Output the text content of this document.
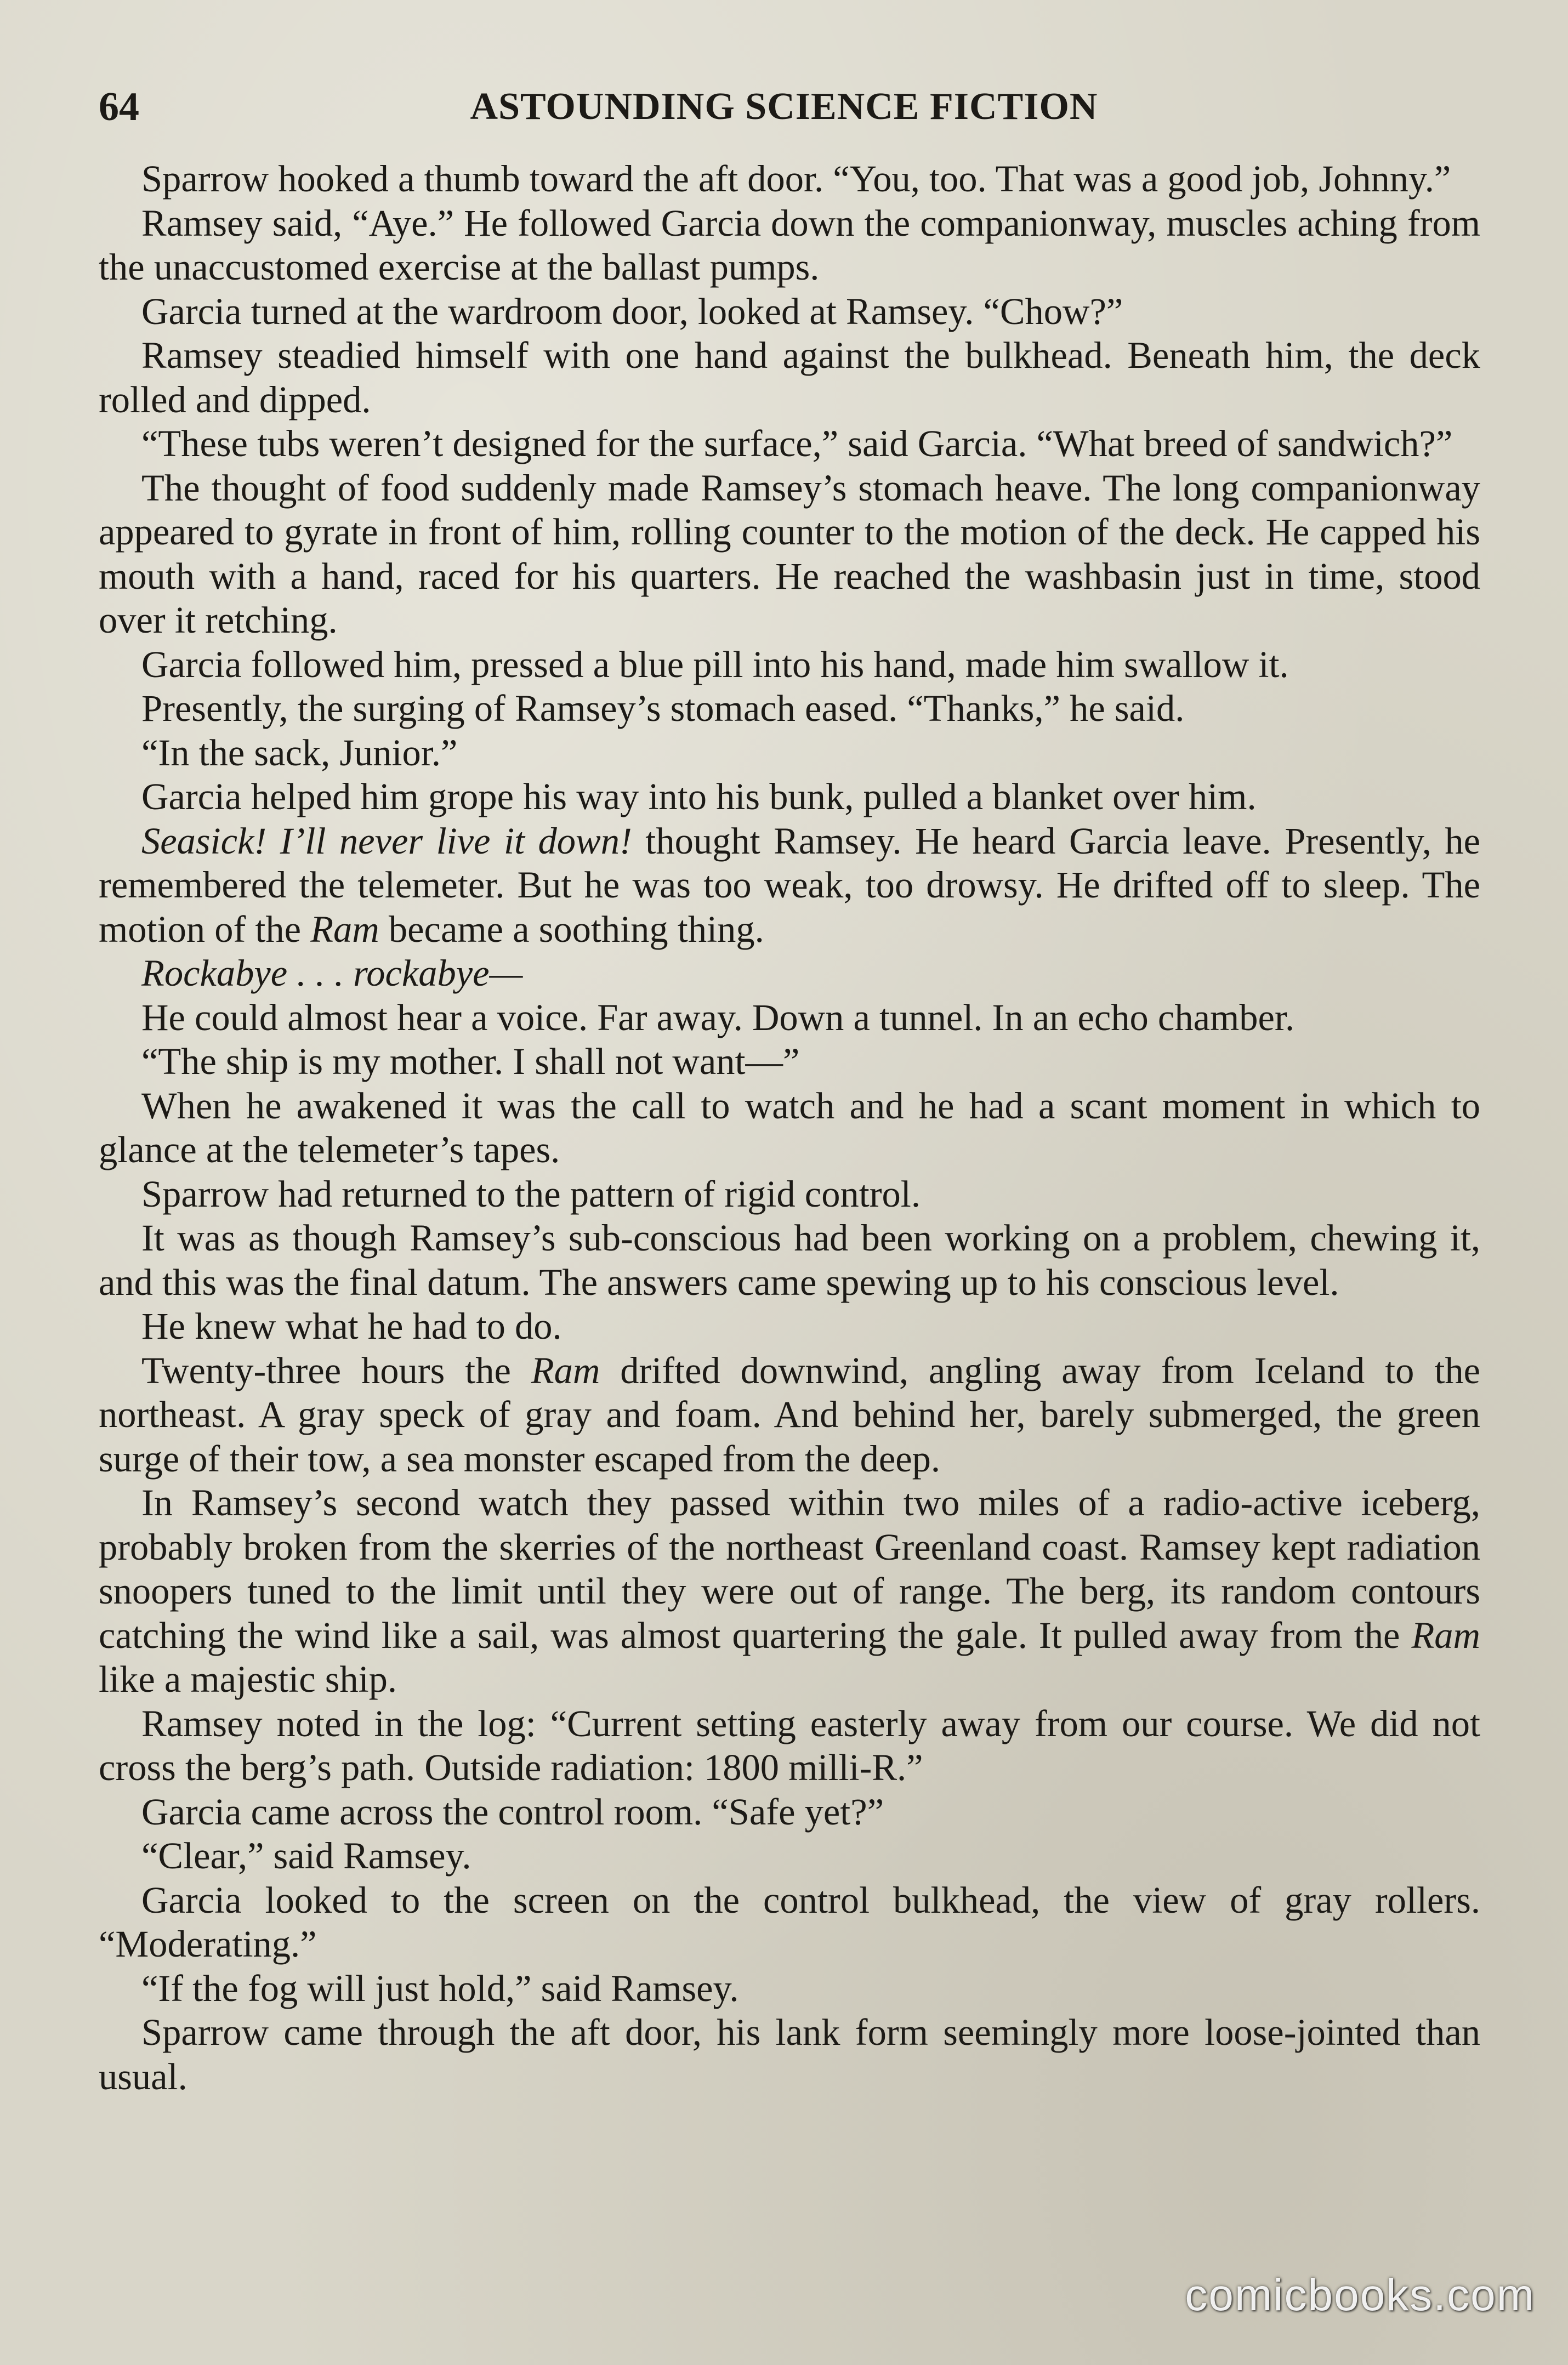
64	ASTOUNDING SCIENCE FICTION

Sparrow hooked a thumb toward the aft door. “You, too. That was a good job, Johnny.”

Ramsey said, “Aye.” He followed Garcia down the companionway, muscles aching from the unaccustomed exercise at the ballast pumps.

Garcia turned at the wardroom door, looked at Ramsey. “Chow?”

Ramsey steadied himself with one hand against the bulkhead. Beneath him, the deck rolled and dipped.

“These tubs weren’t designed for the surface,” said Garcia. “What breed of sandwich?”

The thought of food suddenly made Ramsey’s stomach heave. The long companionway appeared to gyrate in front of him, rolling counter to the motion of the deck. He capped his mouth with a hand, raced for his quarters. He reached the washbasin just in time, stood over it retching.

Garcia followed him, pressed a blue pill into his hand, made him swallow it.

Presently, the surging of Ramsey’s stomach eased. “Thanks,” he said.

“In the sack, Junior.”

Garcia helped him grope his way into his bunk, pulled a blanket over him.

Seasick! I’ll never live it down! thought Ramsey. He heard Garcia leave. Presently, he remembered the telemeter. But he was too weak, too drowsy. He drifted off to sleep. The motion of the Ram became a soothing thing.

Rockabye . . . rockabye—

He could almost hear a voice. Far away. Down a tunnel. In an echo chamber.

“The ship is my mother. I shall not want—”

When he awakened it was the call to watch and he had a scant moment in which to glance at the telemeter’s tapes.

Sparrow had returned to the pattern of rigid control.

It was as though Ramsey’s sub-conscious had been working on a problem, chewing it, and this was the final datum. The answers came spewing up to his conscious level.

He knew what he had to do.

Twenty-three hours the Ram drifted downwind, angling away from Iceland to the northeast. A gray speck of gray and foam. And behind her, barely submerged, the green surge of their tow, a sea monster escaped from the deep.

In Ramsey’s second watch they passed within two miles of a radio-active iceberg, probably broken from the skerries of the northeast Greenland coast. Ramsey kept radiation snoopers tuned to the limit until they were out of range. The berg, its random contours catching the wind like a sail, was almost quartering the gale. It pulled away from the Ram like a majestic ship.

Ramsey noted in the log: “Current setting easterly away from our course. We did not cross the berg’s path. Outside radiation: 1800 milli-R.”

Garcia came across the control room. “Safe yet?”

“Clear,” said Ramsey.

Garcia looked to the screen on the control bulkhead, the view of gray rollers. “Moderating.”

“If the fog will just hold,” said Ramsey.

Sparrow came through the aft door, his lank form seemingly more loose-jointed than usual.

comicbooks.com
